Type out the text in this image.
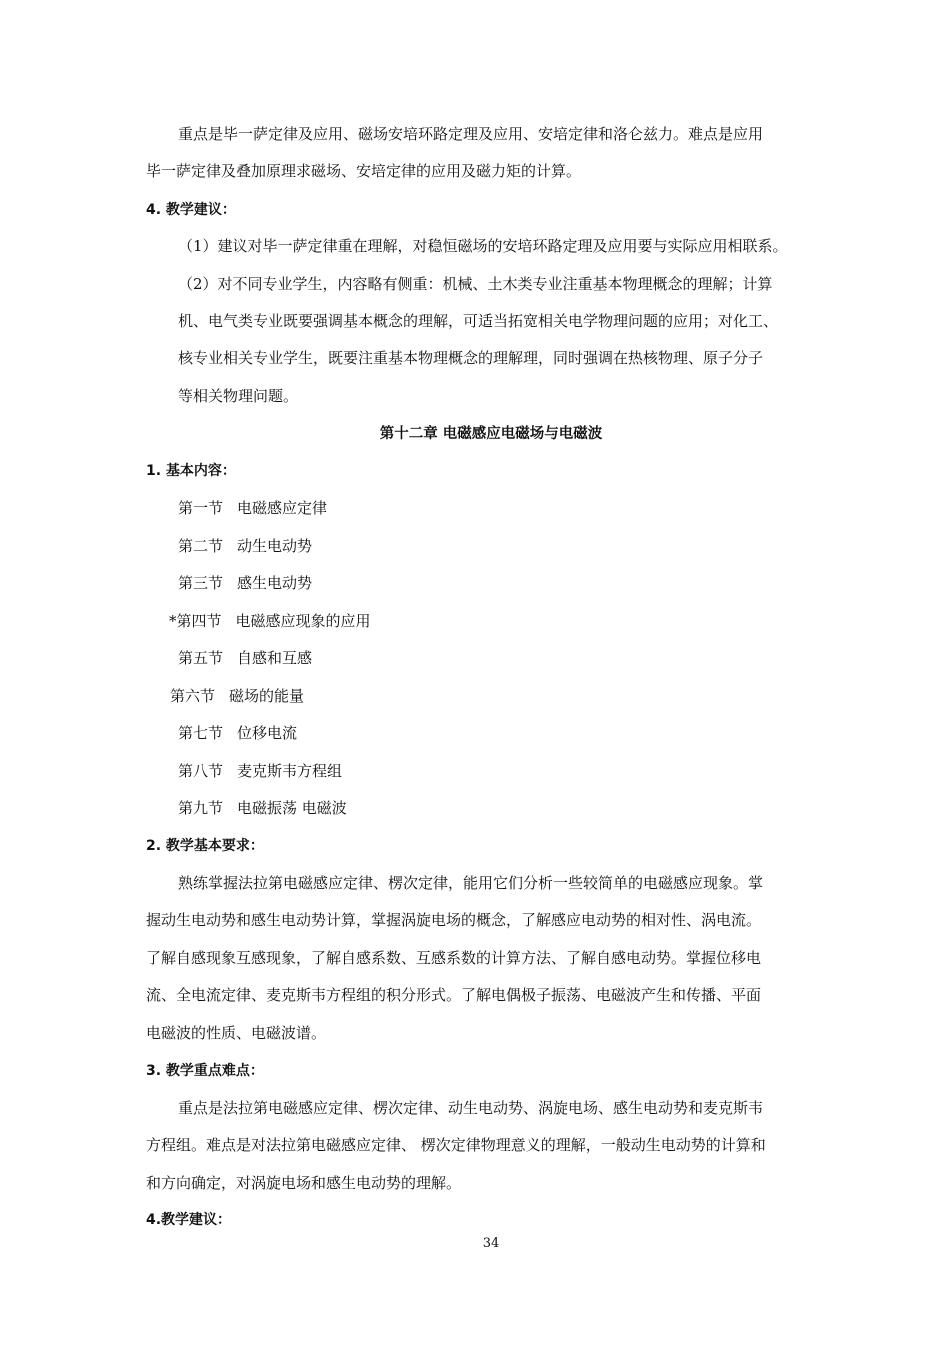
重点是毕一萨定律及应用、磁场安培环路定理及应用、安培定律和洛仑兹力。难点是应用
毕一萨定律及叠加原理求磁场、安培定律的应用及磁力矩的计算。
4. 教学建议：
（1）建议对毕一萨定律重在理解，对稳恒磁场的安培环路定理及应用要与实际应用相联系。
（2）对不同专业学生，内容略有侧重：机械、土木类专业注重基本物理概念的理解；计算
机、电气类专业既要强调基本概念的理解，可适当拓宽相关电学物理问题的应用；对化工、
核专业相关专业学生，既要注重基本物理概念的理解理，同时强调在热核物理、原子分子
等相关物理问题。
第十二章 电磁感应电磁场与电磁波
1. 基本内容：
第一节 电磁感应定律
第二节 动生电动势
第三节 感生电动势
*第四节 电磁感应现象的应用
第五节 自感和互感
第六节 磁场的能量
第七节 位移电流
第八节 麦克斯韦方程组
第九节 电磁振荡 电磁波
2. 教学基本要求：
熟练掌握法拉第电磁感应定律、楞次定律，能用它们分析一些较简单的电磁感应现象。掌
握动生电动势和感生电动势计算，掌握涡旋电场的概念，了解感应电动势的相对性、涡电流。
了解自感现象互感现象，了解自感系数、互感系数的计算方法、了解自感电动势。掌握位移电
流、全电流定律、麦克斯韦方程组的积分形式。了解电偶极子振荡、电磁波产生和传播、平面
电磁波的性质、电磁波谱。
3. 教学重点难点：
重点是法拉第电磁感应定律、楞次定律、动生电动势、涡旋电场、感生电动势和麦克斯韦
方程组。难点是对法拉第电磁感应定律、 楞次定律物理意义的理解，一般动生电动势的计算和
和方向确定，对涡旋电场和感生电动势的理解。
4.教学建议：
34
